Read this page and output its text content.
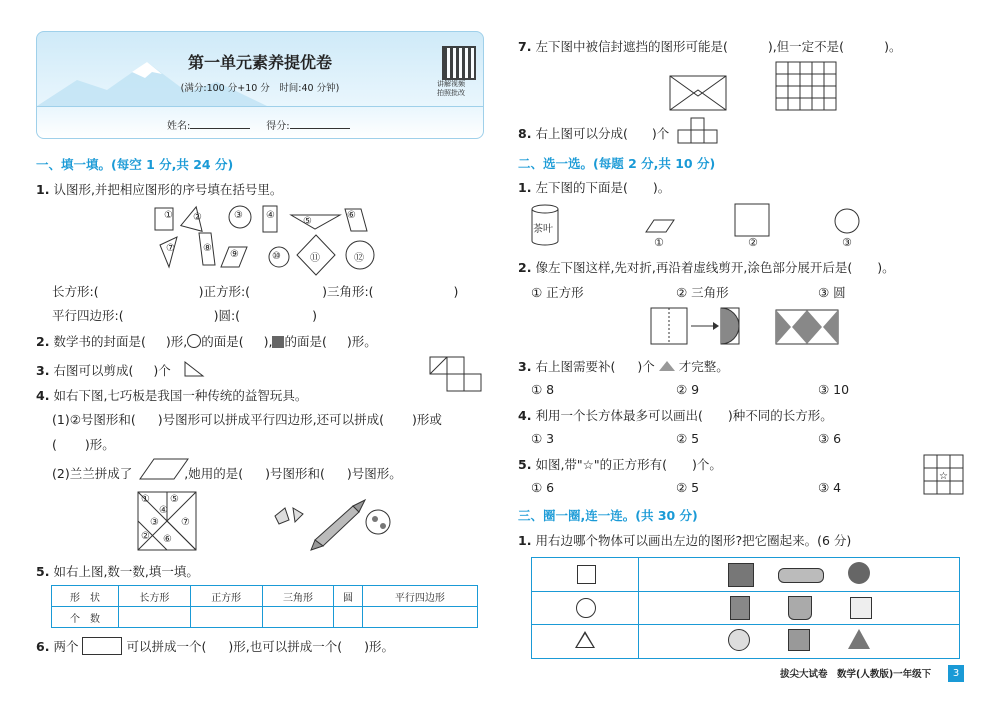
第一单元素养提优卷
(满分:100 分+10 分　时间:40 分钟)	讲解视频
拍照批改
姓名:	得分:
一、填一填。(每空 1 分,共 24 分)
1. 认图形,并把相应图形的序号填在括号里。
① ②	③ ④
⑤
⑥
⑦	⑧
⑨	⑩	⑪	⑫
长方形:(	)正方形:(	)三角形:(	)
平行四边形:(	)圆:(	)
2. 数学书的封面是( )形, 的面是( ), 的面是( )形。
3. 右图可以剪成( )个
4. 如右下图,七巧板是我国一种传统的益智玩具。
(1)②号图形和( )号图形可以拼成平行四边形,还可以拼成( )形或
( )形。
(2)兰兰拼成了	,她用的是( )号图形和( )号图形。
① ⑤
④
③ ⑦
⑥
②
5. 如右上图,数一数,填一填。
形　状	长方形	正方形	三角形	圆	平行四边形
个　数					
6. 两个	可以拼成一个( )形,也可以拼成一个( )形。
7. 左下图中被信封遮挡的图形可能是(	),但一定不是(	)。
8. 右上图可以分成( )个
二、选一选。(每题 2 分,共 10 分)
1. 左下图的下面是(　　)。
茶叶
①	②	③
2. 像左下图这样,先对折,再沿着虚线剪开,涂色部分展开后是(　　)。
① 正方形	② 三角形	③ 圆
3. 右上图需要补( )个 才完整。
① 8	② 9	③ 10
4. 利用一个长方体最多可以画出(　　)种不同的长方形。
① 3	② 5	③ 6
5. 如图,带"☆"的正方形有(　　)个。
① 6	② 5	③ 4
☆
三、圈一圈,连一连。(共 30 分)
1. 用右边哪个物体可以画出左边的图形?把它圈起来。(6 分)
拔尖大试卷　数学(人教版)一年级下	3
